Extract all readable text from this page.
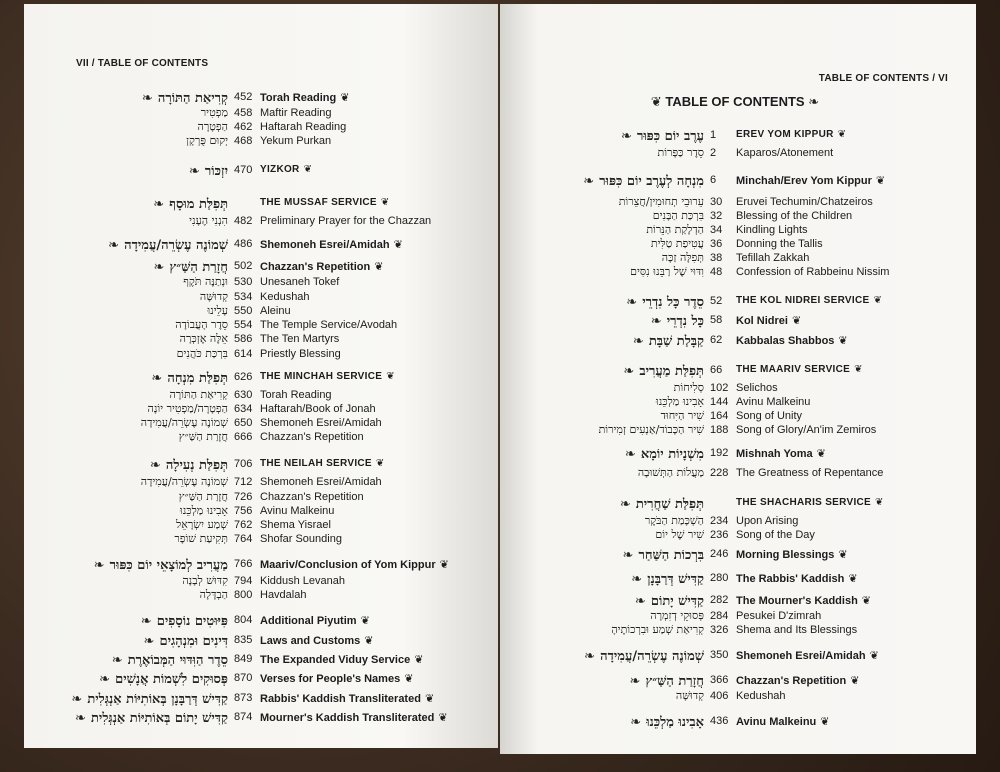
VII / TABLE OF CONTENTS
❧ קְרִיאַת הַתּוֹרָה 452 Torah Reading ❦
מַפְטִיר 458 Maftir Reading
הַפְטָרָה 462 Haftarah Reading
יְקוּם פֻּרְקָן 468 Yekum Purkan
❧ יִזְכּוֹר 470 YIZKOR ❦
❧ תְּפִלַּת מוּסָף	THE MUSSAF SERVICE ❦
הִנְנִי הֶעָנִי 482 Preliminary Prayer for the Chazzan
❧ שְׁמוֹנֶה עֶשְׂרֵה/עֲמִידָה 486 Shemoneh Esrei/Amidah ❦
❧ חֲזָרַת הַשַּׁ״ץ 502 Chazzan's Repetition ❦
וּנְתַנֶּה תֹּקֶף 530 Unesaneh Tokef
קְדוּשָּׁה 534 Kedushah
עָלֵינוּ 550 Aleinu
סֵדֶר הָעֲבוֹדָה 554 The Temple Service/Avodah
אֵלֶּה אֶזְכְּרָה 586 The Ten Martyrs
בִּרְכַּת כֹּהֲנִים 614 Priestly Blessing
❧ תְּפִלַּת מִנְחָה 626 THE MINCHAH SERVICE ❦
קְרִיאַת הַתּוֹרָה 630 Torah Reading
הַפְטָרָה/מַפְטִיר יוֹנָה 634 Haftarah/Book of Jonah
שְׁמוֹנֶה עֶשְׂרֵה/עֲמִידָה 650 Shemoneh Esrei/Amidah
חֲזָרַת הַשַּׁ״ץ 666 Chazzan's Repetition
❧ תְּפִלַּת נְעִילָה 706 THE NEILAH SERVICE ❦
שְׁמוֹנֶה עֶשְׂרֵה/עֲמִידָה 712 Shemoneh Esrei/Amidah
חֲזָרַת הַשַּׁ״ץ 726 Chazzan's Repetition
אָבִינוּ מַלְכֵּנוּ 756 Avinu Malkeinu
שְׁמַע יִשְׂרָאֵל 762 Shema Yisrael
תְּקִיעַת שׁוֹפָר 764 Shofar Sounding
❧ מַעֲרִיב לְמוֹצָאֵי יוֹם כִּפּוּר 766 Maariv/Conclusion of Yom Kippur ❦
קִדּוּשׁ לְבָנָה 794 Kiddush Levanah
הַבְדָּלָה 800 Havdalah
❧ פִּיּוּטִים נוֹסָפִים 804 Additional Piyutim ❦
❧ דִּינִים וּמִנְהָגִים 835 Laws and Customs ❦
❧ סֵדֶר הַוִּדּוּי הַמְּבוֹאֶרֶת 849 The Expanded Viduy Service ❦
❧ פְּסוּקִים לִשְׁמוֹת אֲנָשִׁים 870 Verses for People's Names ❦
❧ קַדִּישׁ דְּרַבָּנָן בְּאוֹתִיּוֹת אַנְגְּלִית 873 Rabbis' Kaddish Transliterated ❦
❧ קַדִּישׁ יָתוֹם בְּאוֹתִיּוֹת אַנְגְּלִית 874 Mourner's Kaddish Transliterated ❦
TABLE OF CONTENTS / VI
❦ TABLE OF CONTENTS ❧
❧ עֶרֶב יוֹם כִּפּוּר 1 EREV YOM KIPPUR ❦
סֵדֶר כַּפָּרוֹת 2 Kaparos/Atonement
❧ מִנְחָה לְעֶרֶב יוֹם כִּפּוּר 6 Minchah/Erev Yom Kippur ❦
עֵרוּבֵי תְחוּמִין/חֲצֵרוֹת 30 Eruvei Techumin/Chatzeiros
בִּרְכַּת הַבָּנִים 32 Blessing of the Children
הַדְלָקַת הַנֵּרוֹת 34 Kindling Lights
עֲטִיפַת טַלִּית 36 Donning the Tallis
תְּפִלָּה זַכָּה 38 Tefillah Zakkah
וִדּוּי שֶׁל רַבֵּנוּ נִסִּים 48 Confession of Rabbeinu Nissim
❧ סֵדֶר כָּל נִדְרֵי 52 THE KOL NIDREI SERVICE ❦
❧ כָּל נִדְרֵי 58 Kol Nidrei ❦
❧ קַבָּלַת שַׁבָּת 62 Kabbalas Shabbos ❦
❧ תְּפִלַּת מַעֲרִיב 66 THE MAARIV SERVICE ❦
סְלִיחוֹת 102 Selichos
אָבִינוּ מַלְכֵּנוּ 144 Avinu Malkeinu
שִׁיר הַיִּחוּד 164 Song of Unity
שִׁיר הַכָּבוֹד/אַנְעִים זְמִירוֹת 188 Song of Glory/An'im Zemiros
❧ מִשְׁנָיוֹת יוֹמָא 192 Mishnah Yoma ❦
מַעֲלוֹת הַתְּשׁוּבָה 228 The Greatness of Repentance
❧ תְּפִלַּת שַׁחֲרִית	THE SHACHARIS SERVICE ❦
הַשְׁכָּמַת הַבֹּקֶר 234 Upon Arising
שִׁיר שֶׁל יוֹם 236 Song of the Day
❧ בִּרְכוֹת הַשַּׁחַר 246 Morning Blessings ❦
❧ קַדִּישׁ דְּרַבָּנָן 280 The Rabbis' Kaddish ❦
❧ קַדִּישׁ יָתוֹם 282 The Mourner's Kaddish ❦
פְּסוּקֵי דְזִמְרָה 284 Pesukei D'zimrah
קְרִיאַת שְׁמַע וּבִרְכוֹתֶיהָ 326 Shema and Its Blessings
❧ שְׁמוֹנֶה עֶשְׂרֵה/עֲמִידָה 350 Shemoneh Esrei/Amidah ❦
❧ חֲזָרַת הַשַּׁ״ץ 366 Chazzan's Repetition ❦
קְדוּשָּׁה 406 Kedushah
❧ אָבִינוּ מַלְכֵּנוּ 436 Avinu Malkeinu ❦
